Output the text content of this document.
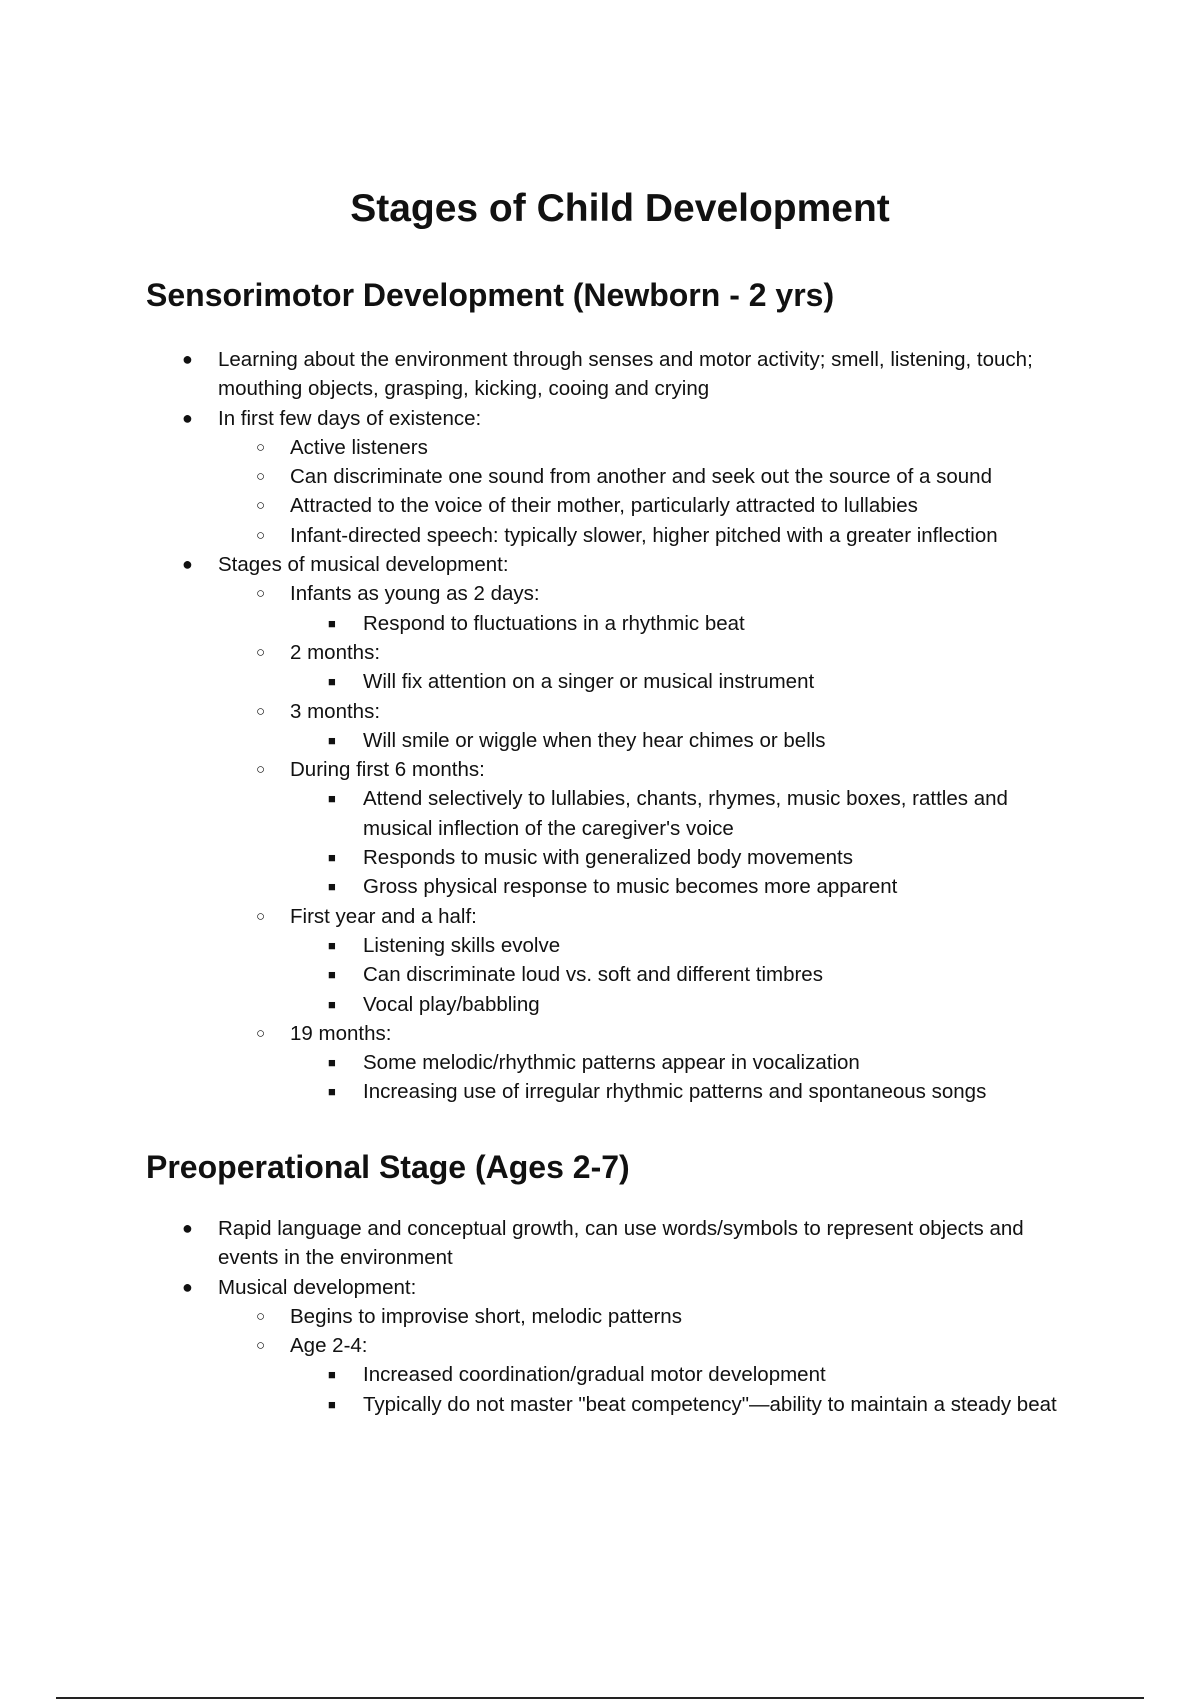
Stages of Child Development
Sensorimotor Development (Newborn - 2 yrs)
● Learning about the environment through senses and motor activity; smell, listening, touch; mouthing objects, grasping, kicking, cooing and crying
● In first few days of existence:
○ Active listeners
○ Can discriminate one sound from another and seek out the source of a sound
○ Attracted to the voice of their mother, particularly attracted to lullabies
○ Infant-directed speech: typically slower, higher pitched with a greater inflection
● Stages of musical development:
○ Infants as young as 2 days:
■ Respond to fluctuations in a rhythmic beat
○ 2 months:
■ Will fix attention on a singer or musical instrument
○ 3 months:
■ Will smile or wiggle when they hear chimes or bells
○ During first 6 months:
■ Attend selectively to lullabies, chants, rhymes, music boxes, rattles and musical inflection of the caregiver's voice
■ Responds to music with generalized body movements
■ Gross physical response to music becomes more apparent
○ First year and a half:
■ Listening skills evolve
■ Can discriminate loud vs. soft and different timbres
■ Vocal play/babbling
○ 19 months:
■ Some melodic/rhythmic patterns appear in vocalization
■ Increasing use of irregular rhythmic patterns and spontaneous songs
Preoperational Stage (Ages 2-7)
● Rapid language and conceptual growth, can use words/symbols to represent objects and events in the environment
● Musical development:
○ Begins to improvise short, melodic patterns
○ Age 2-4:
■ Increased coordination/gradual motor development
■ Typically do not master "beat competency"—ability to maintain a steady beat
